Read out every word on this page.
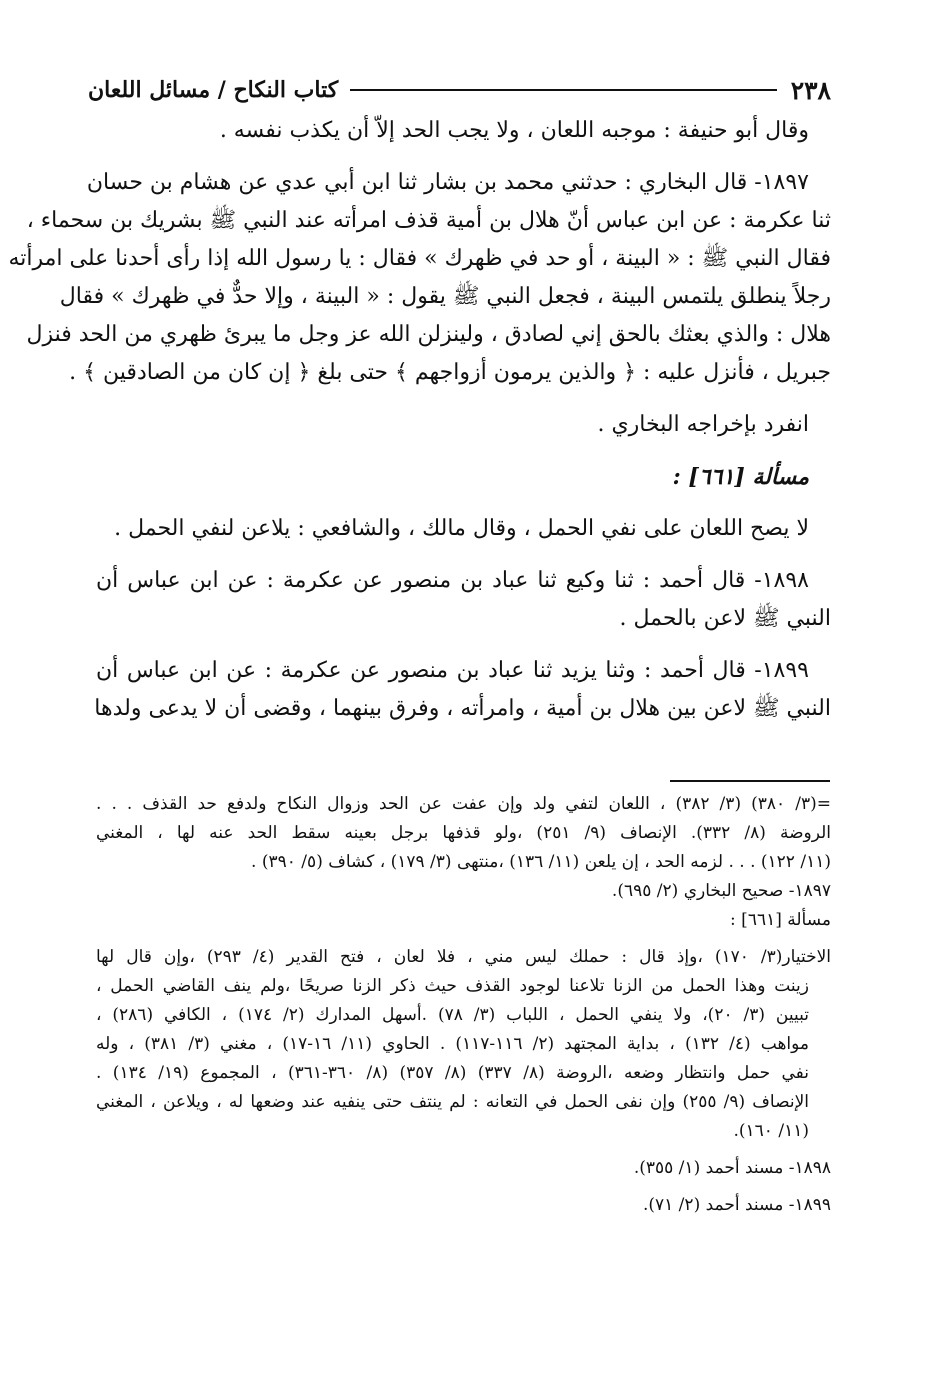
٢٣٨
كتاب النكاح / مسائل اللعان
وقال أبو حنيفة : موجبه اللعان ، ولا يجب الحد إلاّ أن يكذب نفسه .
١٨٩٧- قال البخاري : حدثني محمد بن بشار ثنا ابن أبي عدي عن هشام بن حسان
ثنا عكرمة : عن ابن عباس أنّ هلال بن أمية قذف امرأته عند النبي ﷺ بشريك بن سحماء ،
فقال النبي ﷺ : « البينة ، أو حد في ظهرك » فقال : يا رسول الله إذا رأى أحدنا على امرأته
رجلاً ينطلق يلتمس البينة ، فجعل النبي ﷺ يقول : « البينة ، وإلا حدٌّ في ظهرك » فقال
هلال : والذي بعثك بالحق إني لصادق ، ولينزلن الله عز وجل ما يبرئ ظهري من الحد فنزل
جبريل ، فأنزل عليه : ﴿ والذين يرمون أزواجهم ﴾ حتى بلغ ﴿ إن كان من الصادقين ﴾ .
انفرد بإخراجه البخاري .
مسألة [٦٦١] :
لا يصح اللعان على نفي الحمل ، وقال مالك ، والشافعي : يلاعن لنفي الحمل .
١٨٩٨- قال أحمد : ثنا وكيع ثنا عباد بن منصور عن عكرمة : عن ابن عباس أن
النبي ﷺ لاعن بالحمل .
١٨٩٩- قال أحمد : وثنا يزيد ثنا عباد بن منصور عن عكرمة : عن ابن عباس أن
النبي ﷺ لاعن بين هلال بن أمية ، وامرأته ، وفرق بينهما ، وقضى أن لا يدعى ولدها
=(٣/ ٣٨٠) (٣/ ٣٨٢) ، اللعان لتفي ولد وإن عفت عن الحد وزوال النكاح ولدفع حد القذف . . .
الروضة (٨/ ٣٣٢). الإنصاف (٩/ ٢٥١) ،ولو قذفها برجل بعينه سقط الحد عنه لها ، المغني
(١١/ ١٢٢) . . . لزمه الحد ، إن يلعن (١١/ ١٣٦) ،منتهى (٣/ ١٧٩) ، كشاف (٥/ ٣٩٠) .
١٨٩٧- صحيح البخاري (٢/ ٦٩٥).
مسألة [٦٦١] :
الاختيار(٣/ ١٧٠) ،وإذ قال : حملك ليس مني ، فلا لعان ، فتح القدير (٤/ ٢٩٣) ،وإن قال لها
زينت وهذا الحمل من الزنا تلاعنا لوجود القذف حيث ذكر الزنا صريحًا ،ولم ينف القاضي الحمل ،
تبيين (٣/ ٢٠)، ولا ينفي الحمل ، اللباب (٣/ ٧٨) .أسهل المدارك (٢/ ١٧٤) ، الكافي (٢٨٦) ،
مواهب (٤/ ١٣٢) ، بداية المجتهد (٢/ ١١٦-١١٧) . الحاوي (١١/ ١٦-١٧) ، مغني (٣/ ٣٨١) ، وله
نفي حمل وانتظار وضعه ،الروضة (٨/ ٣٣٧) (٨/ ٣٥٧) (٨/ ٣٦٠-٣٦١) ، المجموع (١٩/ ١٣٤) .
الإنصاف (٩/ ٢٥٥) وإن نفى الحمل في التعانه : لم ينتف حتى ينفيه عند وضعها له ، ويلاعن ، المغني
(١١/ ١٦٠).
١٨٩٨- مسند أحمد (١/ ٣٥٥).
١٨٩٩- مسند أحمد (٢/ ٧١).
